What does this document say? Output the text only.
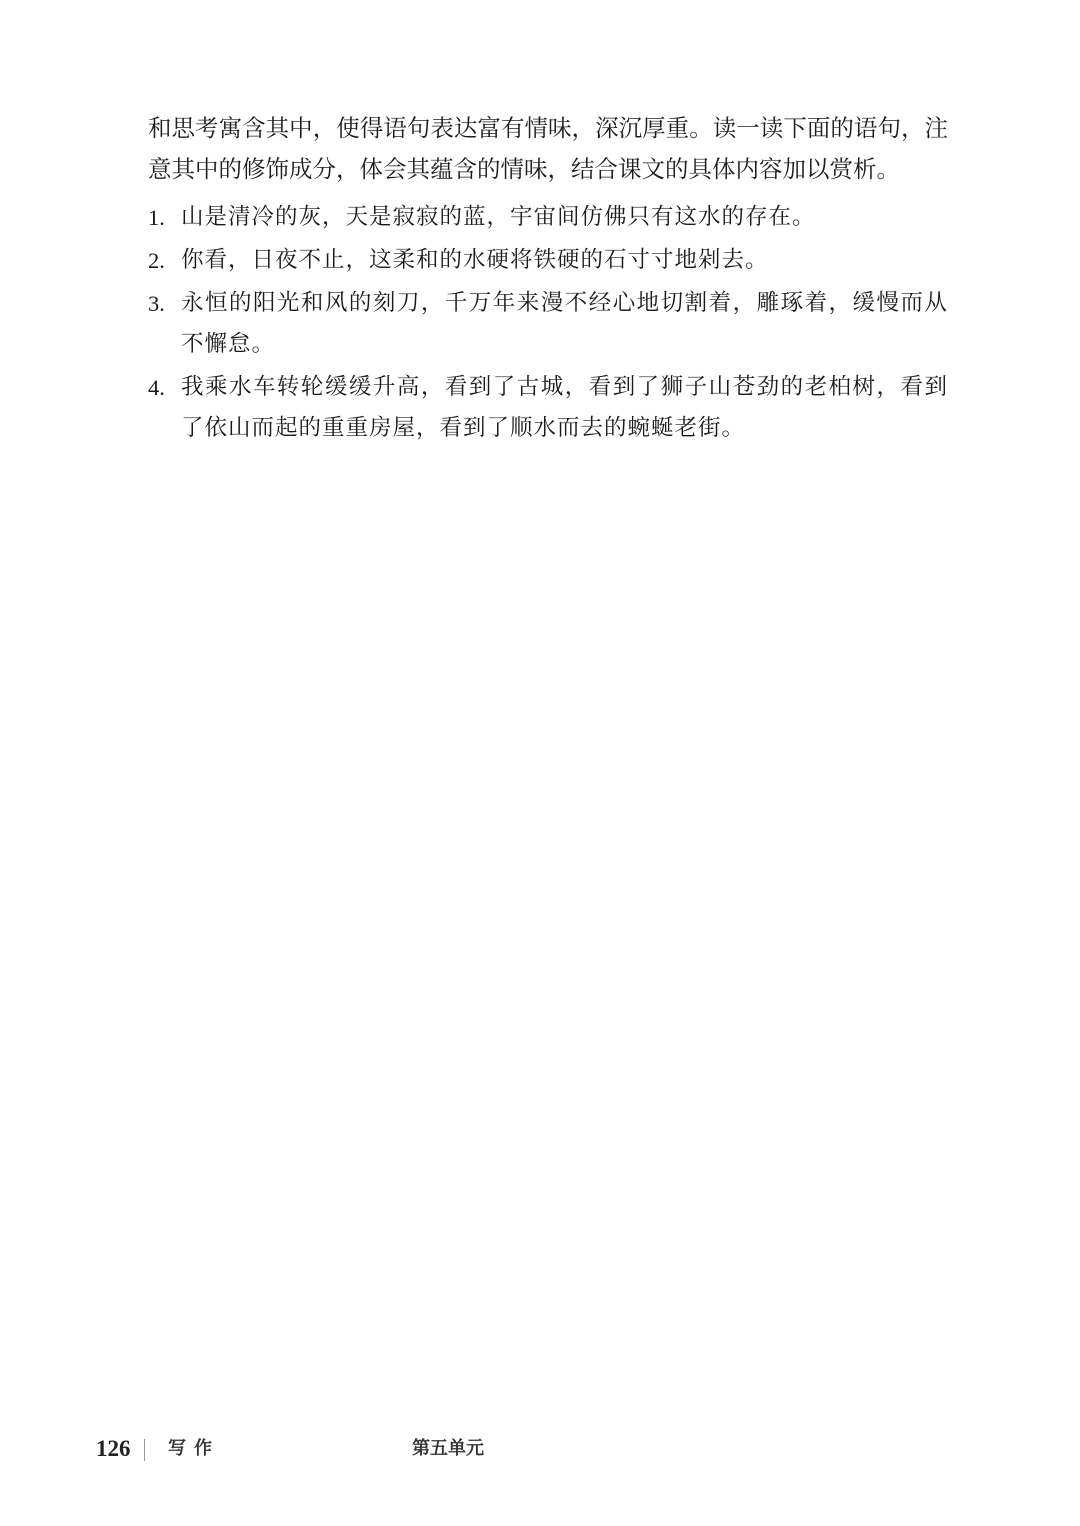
和思考寓含其中，使得语句表达富有情味，深沉厚重。读一读下面的语句，注意其中的修饰成分，体会其蕴含的情味，结合课文的具体内容加以赏析。

1. 山是清冷的灰，天是寂寂的蓝，宇宙间仿佛只有这水的存在。
2. 你看，日夜不止，这柔和的水硬将铁硬的石寸寸地剁去。
3. 永恒的阳光和风的刻刀，千万年来漫不经心地切割着，雕琢着，缓慢而从不懈怠。
4. 我乘水车转轮缓缓升高，看到了古城，看到了狮子山苍劲的老柏树，看到了依山而起的重重房屋，看到了顺水而去的蜿蜒老街。
126 写作	第五单元
